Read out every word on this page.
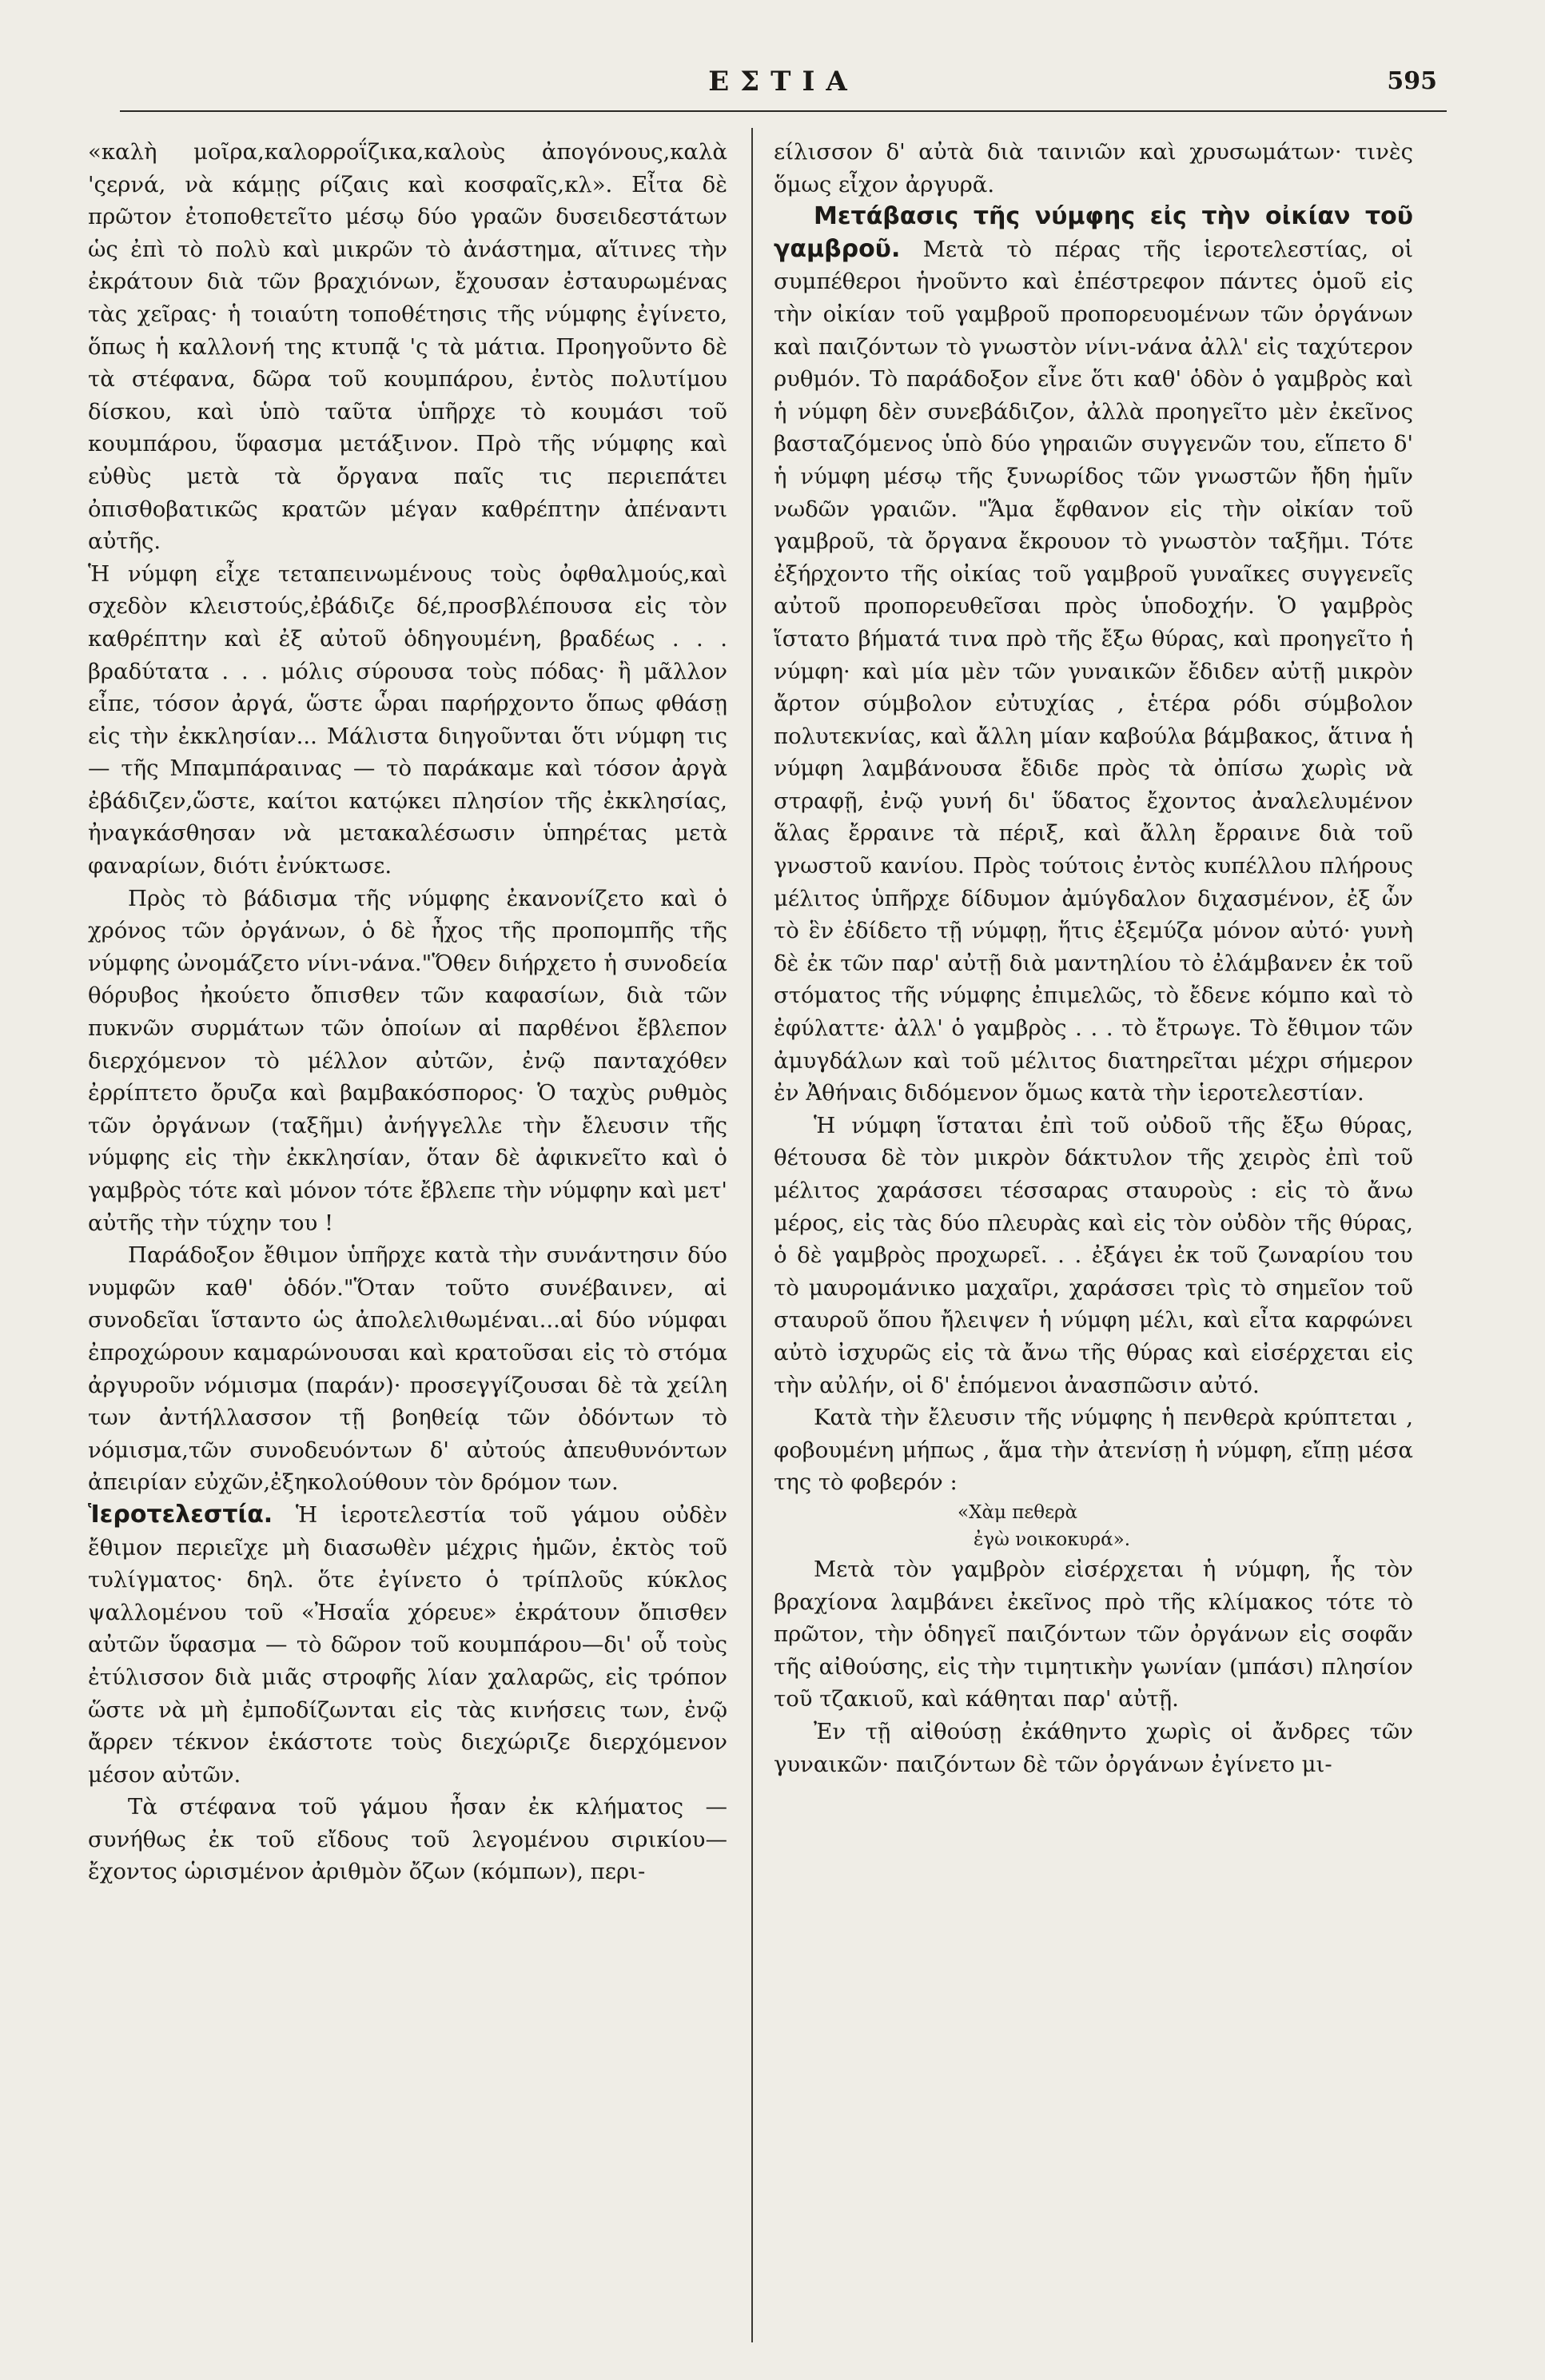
ΕΣΤΙΑ	595

«καλὴ μοῖρα,καλορροΐζικα,καλοὺς ἀπογόνους,καλὰ 'ςερνά, νὰ κάμῃς ρίζαις καὶ κοσφαῖς,κλ». Εἶτα δὲ πρῶτον ἐτοποθετεῖτο μέσῳ δύο γραῶν δυσειδεστάτων ὡς ἐπὶ τὸ πολὺ καὶ μικρῶν τὸ ἀνάστημα, αἵτινες τὴν ἐκράτουν διὰ τῶν βραχιόνων, ἔχουσαν ἐσταυρωμένας τὰς χεῖρας· ἡ τοιαύτη τοποθέτησις τῆς νύμφης ἐγίνετο, ὅπως ἡ καλλονή της κτυπᾷ 'ς τὰ μάτια. Προηγοῦντο δὲ τὰ στέφανα, δῶρα τοῦ κουμπάρου, ἐντὸς πολυτίμου δίσκου, καὶ ὑπὸ ταῦτα ὑπῆρχε τὸ κουμάσι τοῦ κουμπάρου, ὕφασμα μετάξινον. Πρὸ τῆς νύμφης καὶ εὐθὺς μετὰ τὰ ὄργανα παῖς τις περιεπάτει ὀπισθοβατικῶς κρατῶν μέγαν καθρέπτην ἀπέναντι αὐτῆς.

Ἡ νύμφη εἶχε τεταπεινωμένους τοὺς ὀφθαλμούς,καὶ σχεδὸν κλειστούς,ἐβάδιζε δέ,προσβλέπουσα εἰς τὸν καθρέπτην καὶ ἐξ αὐτοῦ ὁδηγουμένη, βραδέως . . . βραδύτατα . . . μόλις σύρουσα τοὺς πόδας· ἢ μᾶλλον εἶπε, τόσον ἀργά, ὥστε ὧραι παρήρχοντο ὅπως φθάσῃ εἰς τὴν ἐκκλησίαν... Μάλιστα διηγοῦνται ὅτι νύμφη τις — τῆς Μπαμπάραινας — τὸ παράκαμε καὶ τόσον ἀργὰ ἐβάδιζεν,ὥστε, καίτοι κατῴκει πλησίον τῆς ἐκκλησίας, ἠναγκάσθησαν νὰ μετακαλέσωσιν ὑπηρέτας μετὰ φαναρίων, διότι ἐνύκτωσε.

Πρὸς τὸ βάδισμα τῆς νύμφης ἐκανονίζετο καὶ ὁ χρόνος τῶν ὀργάνων, ὁ δὲ ἦχος τῆς προπομπῆς τῆς νύμφης ὠνομάζετο νίνι-νάνα."Ὅθεν διήρχετο ἡ συνοδεία θόρυβος ἠκούετο ὄπισθεν τῶν καφασίων, διὰ τῶν πυκνῶν συρμάτων τῶν ὁποίων αἱ παρθένοι ἔβλεπον διερχόμενον τὸ μέλλον αὐτῶν, ἐνῷ πανταχόθεν ἐρρίπτετο ὄρυζα καὶ βαμβακόσπορος· Ὁ ταχὺς ρυθμὸς τῶν ὀργάνων (ταξῆμι) ἀνήγγελλε τὴν ἔλευσιν τῆς νύμφης εἰς τὴν ἐκκλησίαν, ὅταν δὲ ἀφικνεῖτο καὶ ὁ γαμβρὸς τότε καὶ μόνον τότε ἔβλεπε τὴν νύμφην καὶ μετ' αὐτῆς τὴν τύχην του !

Παράδοξον ἔθιμον ὑπῆρχε κατὰ τὴν συνάντησιν δύο νυμφῶν καθ' ὁδόν."Ὅταν τοῦτο συνέβαινεν, αἱ συνοδεῖαι ἵσταντο ὡς ἀπολελιθωμέναι...αἱ δύο νύμφαι ἐπροχώρουν καμαρώνουσαι καὶ κρατοῦσαι εἰς τὸ στόμα ἀργυροῦν νόμισμα (παράν)· προσεγγίζουσαι δὲ τὰ χείλη των ἀντήλλασσον τῇ βοηθείᾳ τῶν ὀδόντων τὸ νόμισμα,τῶν συνοδευόντων δ' αὐτούς ἀπευθυνόντων ἀπειρίαν εὐχῶν,ἐξηκολούθουν τὸν δρόμον των.

Ἱεροτελεστία. Ἡ ἱεροτελεστία τοῦ γάμου οὐδὲν ἔθιμον περιεῖχε μὴ διασωθὲν μέχρις ἡμῶν, ἐκτὸς τοῦ τυλίγματος· δηλ. ὅτε ἐγίνετο ὁ τρίπλοῦς κύκλος ψαλλομένου τοῦ «Ἠσαΐα χόρευε» ἐκράτουν ὄπισθεν αὐτῶν ὕφασμα — τὸ δῶρον τοῦ κουμπάρου—δι' οὗ τοὺς ἐτύλισσον διὰ μιᾶς στροφῆς λίαν χαλαρῶς, εἰς τρόπον ὥστε νὰ μὴ ἐμποδίζωνται εἰς τὰς κινήσεις των, ἐνῷ ἄρρεν τέκνον ἑκάστοτε τοὺς διεχώριζε διερχόμενον μέσον αὐτῶν.

Τὰ στέφανα τοῦ γάμου ἦσαν ἐκ κλήματος — συνήθως ἐκ τοῦ εἴδους τοῦ λεγομένου σιρικίου— ἔχοντος ὡρισμένον ἀριθμὸν ὄζων (κόμπων), περι-

είλισσον δ' αὐτὰ διὰ ταινιῶν καὶ χρυσωμάτων· τινὲς ὅμως εἶχον ἀργυρᾶ.

Μετάβασις τῆς νύμφης εἰς τὴν οἰκίαν τοῦ γαμβροῦ. Μετὰ τὸ πέρας τῆς ἱεροτελεστίας, οἱ συμπέθεροι ἡνοῦντο καὶ ἐπέστρεφον πάντες ὁμοῦ εἰς τὴν οἰκίαν τοῦ γαμβροῦ προπορευομένων τῶν ὀργάνων καὶ παιζόντων τὸ γνωστὸν νίνι-νάνα ἀλλ' εἰς ταχύτερον ρυθμόν. Τὸ παράδοξον εἶνε ὅτι καθ' ὁδὸν ὁ γαμβρὸς καὶ ἡ νύμφη δὲν συνεβάδιζον, ἀλλὰ προηγεῖτο μὲν ἐκεῖνος βασταζόμενος ὑπὸ δύο γηραιῶν συγγενῶν του, εἵπετο δ' ἡ νύμφη μέσῳ τῆς ξυνωρίδος τῶν γνωστῶν ἤδη ἡμῖν νωδῶν γραιῶν. "Ἅμα ἔφθανον εἰς τὴν οἰκίαν τοῦ γαμβροῦ, τὰ ὄργανα ἔκρουον τὸ γνωστὸν ταξῆμι. Τότε ἐξήρχοντο τῆς οἰκίας τοῦ γαμβροῦ γυναῖκες συγγενεῖς αὐτοῦ προπορευθεῖσαι πρὸς ὑποδοχήν. Ὁ γαμβρὸς ἵστατο βήματά τινα πρὸ τῆς ἔξω θύρας, καὶ προηγεῖτο ἡ νύμφη· καὶ μία μὲν τῶν γυναικῶν ἔδιδεν αὐτῇ μικρὸν ἄρτον σύμβολον εὐτυχίας , ἑτέρα ρόδι σύμβολον πολυτεκνίας, καὶ ἄλλη μίαν καβούλα βάμβακος, ἅτινα ἡ νύμφη λαμβάνουσα ἔδιδε πρὸς τὰ ὀπίσω χωρὶς νὰ στραφῇ, ἐνῷ γυνή δι' ὕδατος ἔχοντος ἀναλελυμένον ἅλας ἔρραινε τὰ πέριξ, καὶ ἄλλη ἔρραινε διὰ τοῦ γνωστοῦ κανίου. Πρὸς τούτοις ἐντὸς κυπέλλου πλήρους μέλιτος ὑπῆρχε δίδυμον ἀμύγδαλον διχασμένον, ἐξ ὧν τὸ ἓν ἐδίδετο τῇ νύμφῃ, ἥτις ἐξεμύζα μόνον αὐτό· γυνὴ δὲ ἐκ τῶν παρ' αὐτῇ διὰ μαντηλίου τὸ ἐλάμβανεν ἐκ τοῦ στόματος τῆς νύμφης ἐπιμελῶς, τὸ ἔδενε κόμπο καὶ τὸ ἐφύλαττε· ἀλλ' ὁ γαμβρὸς . . . τὸ ἔτρωγε. Τὸ ἔθιμον τῶν ἀμυγδάλων καὶ τοῦ μέλιτος διατηρεῖται μέχρι σήμερον ἐν Ἀθήναις διδόμενον ὅμως κατὰ τὴν ἱεροτελεστίαν.

Ἡ νύμφη ἵσταται ἐπὶ τοῦ οὐδοῦ τῆς ἔξω θύρας, θέτουσα δὲ τὸν μικρὸν δάκτυλον τῆς χειρὸς ἐπὶ τοῦ μέλιτος χαράσσει τέσσαρας σταυροὺς : εἰς τὸ ἄνω μέρος, εἰς τὰς δύο πλευρὰς καὶ εἰς τὸν οὐδὸν τῆς θύρας, ὁ δὲ γαμβρὸς προχωρεῖ. . . ἐξάγει ἐκ τοῦ ζωναρίου του τὸ μαυρομάνικο μαχαῖρι, χαράσσει τρὶς τὸ σημεῖον τοῦ σταυροῦ ὅπου ἤλειψεν ἡ νύμφη μέλι, καὶ εἶτα καρφώνει αὐτὸ ἰσχυρῶς εἰς τὰ ἄνω τῆς θύρας καὶ εἰσέρχεται εἰς τὴν αὐλήν, οἱ δ' ἑπόμενοι ἀνασπῶσιν αὐτό.

Κατὰ τὴν ἔλευσιν τῆς νύμφης ἡ πενθερὰ κρύπτεται , φοβουμένη μήπως , ἅμα τὴν ἀτενίσῃ ἡ νύμφη, εἴπῃ μέσα της τὸ φοβερόν :

«Χὰμ πεθερὰ
ἐγὼ νοικοκυρά».

Μετὰ τὸν γαμβρὸν εἰσέρχεται ἡ νύμφη, ἧς τὸν βραχίονα λαμβάνει ἐκεῖνος πρὸ τῆς κλίμακος τότε τὸ πρῶτον, τὴν ὁδηγεῖ παιζόντων τῶν ὀργάνων εἰς σοφᾶν τῆς αἰθούσης, εἰς τὴν τιμητικὴν γωνίαν (μπάσι) πλησίον τοῦ τζακιοῦ, καὶ κάθηται παρ' αὐτῇ.

Ἐν τῇ αἰθούσῃ ἐκάθηντο χωρὶς οἱ ἄνδρες τῶν γυναικῶν· παιζόντων δὲ τῶν ὀργάνων ἐγίνετο μι-
